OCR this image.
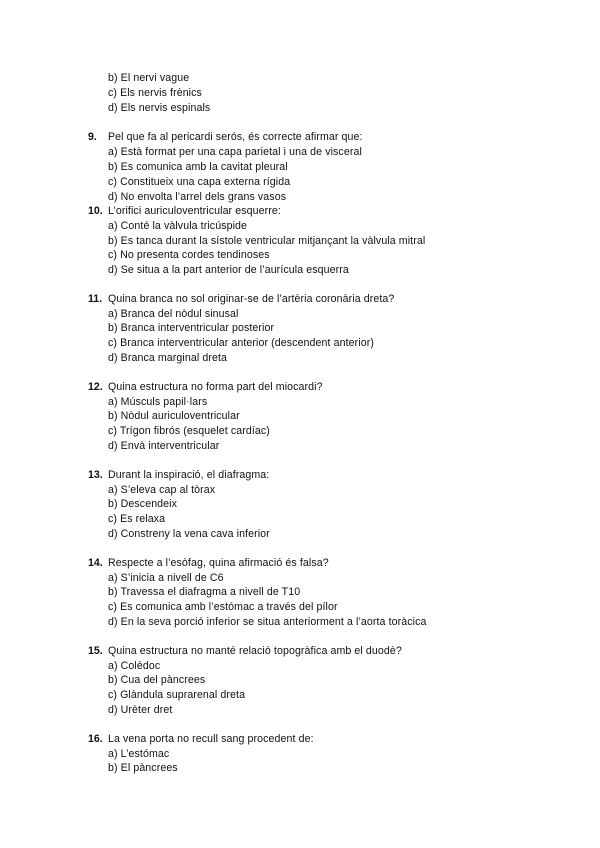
b) El nervi vague
c) Els nervis frènics
d) Els nervis espinals
9. Pel que fa al pericardi serós, és correcte afirmar que:
a) Està format per una capa parietal i una de visceral
b) Es comunica amb la cavitat pleural
c) Constitueix una capa externa rígida
d) No envolta l’arrel dels grans vasos
10. L’orifici auriculoventricular esquerre:
a) Conté la vàlvula tricúspide
b) Es tanca durant la sístole ventricular mitjançant la vàlvula mitral
c) No presenta cordes tendinoses
d) Se situa a la part anterior de l’aurícula esquerra
11. Quina branca no sol originar-se de l’artèria coronària dreta?
a) Branca del nòdul sinusal
b) Branca interventricular posterior
c) Branca interventricular anterior (descendent anterior)
d) Branca marginal dreta
12. Quina estructura no forma part del miocardi?
a) Músculs papil·lars
b) Nòdul auriculoventricular
c) Trígon fibrós (esquelet cardíac)
d) Envà interventricular
13. Durant la inspiració, el diafragma:
a) S’eleva cap al tòrax
b) Descendeix
c) Es relaxa
d) Constreny la vena cava inferior
14. Respecte a l’esòfag, quina afirmació és falsa?
a) S’inicia a nivell de C6
b) Travessa el diafragma a nivell de T10
c) Es comunica amb l’estómac a través del pílor
d) En la seva porció inferior se situa anteriorment a l’aorta toràcica
15. Quina estructura no manté relació topogràfica amb el duodè?
a) Colèdoc
b) Cua del pàncrees
c) Glàndula suprarenal dreta
d) Urèter dret
16. La vena porta no recull sang procedent de:
a) L’estómac
b) El pàncrees
